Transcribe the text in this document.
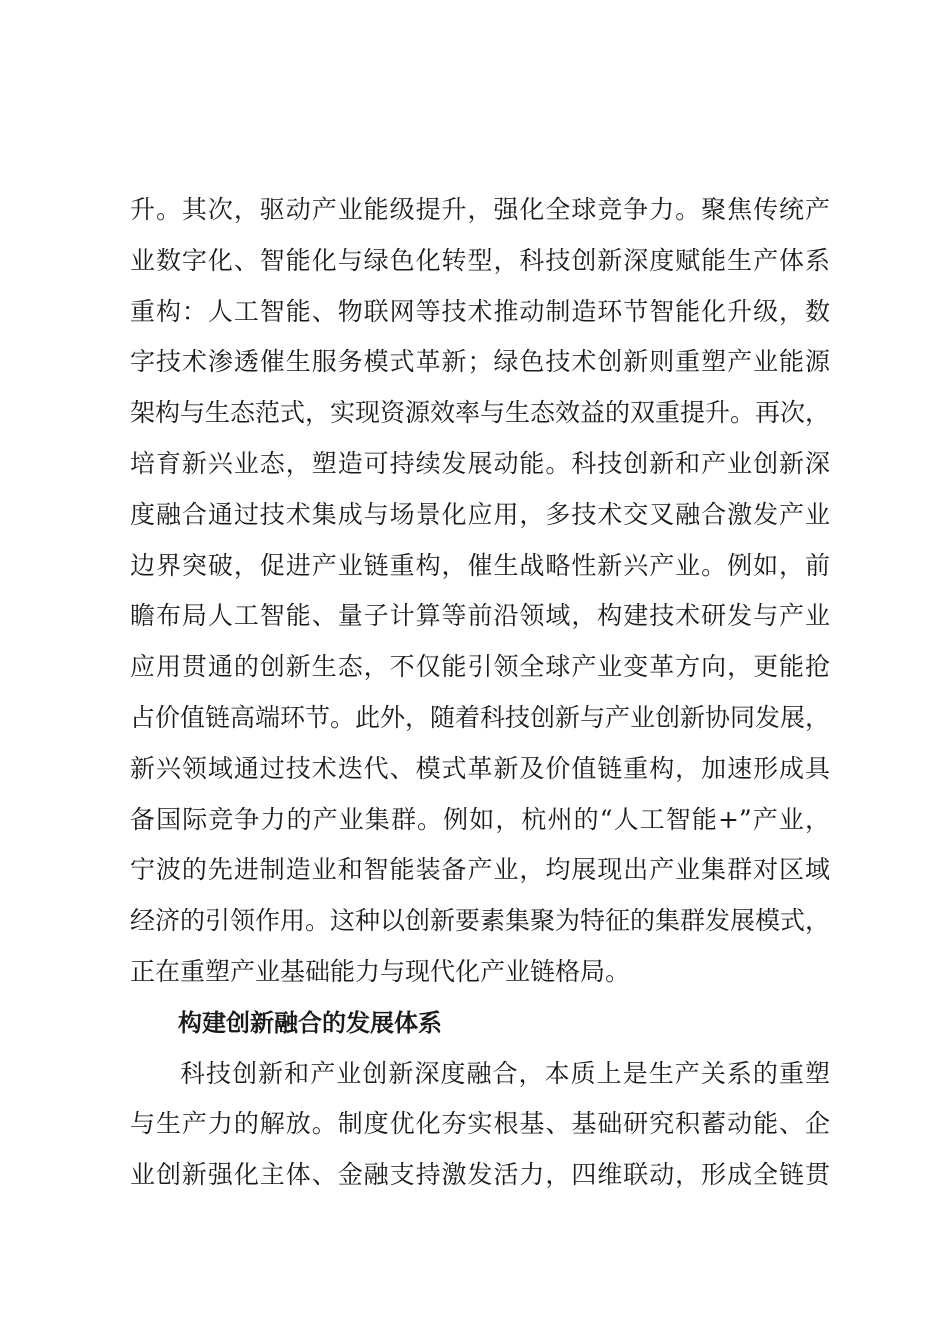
升。其次，驱动产业能级提升，强化全球竞争力。聚焦传统产
业数字化、智能化与绿色化转型，科技创新深度赋能生产体系
重构：人工智能、物联网等技术推动制造环节智能化升级，数
字技术渗透催生服务模式革新；绿色技术创新则重塑产业能源
架构与生态范式，实现资源效率与生态效益的双重提升。再次，
培育新兴业态，塑造可持续发展动能。科技创新和产业创新深
度融合通过技术集成与场景化应用，多技术交叉融合激发产业
边界突破，促进产业链重构，催生战略性新兴产业。例如，前
瞻布局人工智能、量子计算等前沿领域，构建技术研发与产业
应用贯通的创新生态，不仅能引领全球产业变革方向，更能抢
占价值链高端环节。此外，随着科技创新与产业创新协同发展，
新兴领域通过技术迭代、模式革新及价值链重构，加速形成具
备国际竞争力的产业集群。例如，杭州的“人工智能+”产业，
宁波的先进制造业和智能装备产业，均展现出产业集群对区域
经济的引领作用。这种以创新要素集聚为特征的集群发展模式，
正在重塑产业基础能力与现代化产业链格局。
构建创新融合的发展体系
科技创新和产业创新深度融合，本质上是生产关系的重塑
与生产力的解放。制度优化夯实根基、基础研究积蓄动能、企
业创新强化主体、金融支持激发活力，四维联动，形成全链贯
